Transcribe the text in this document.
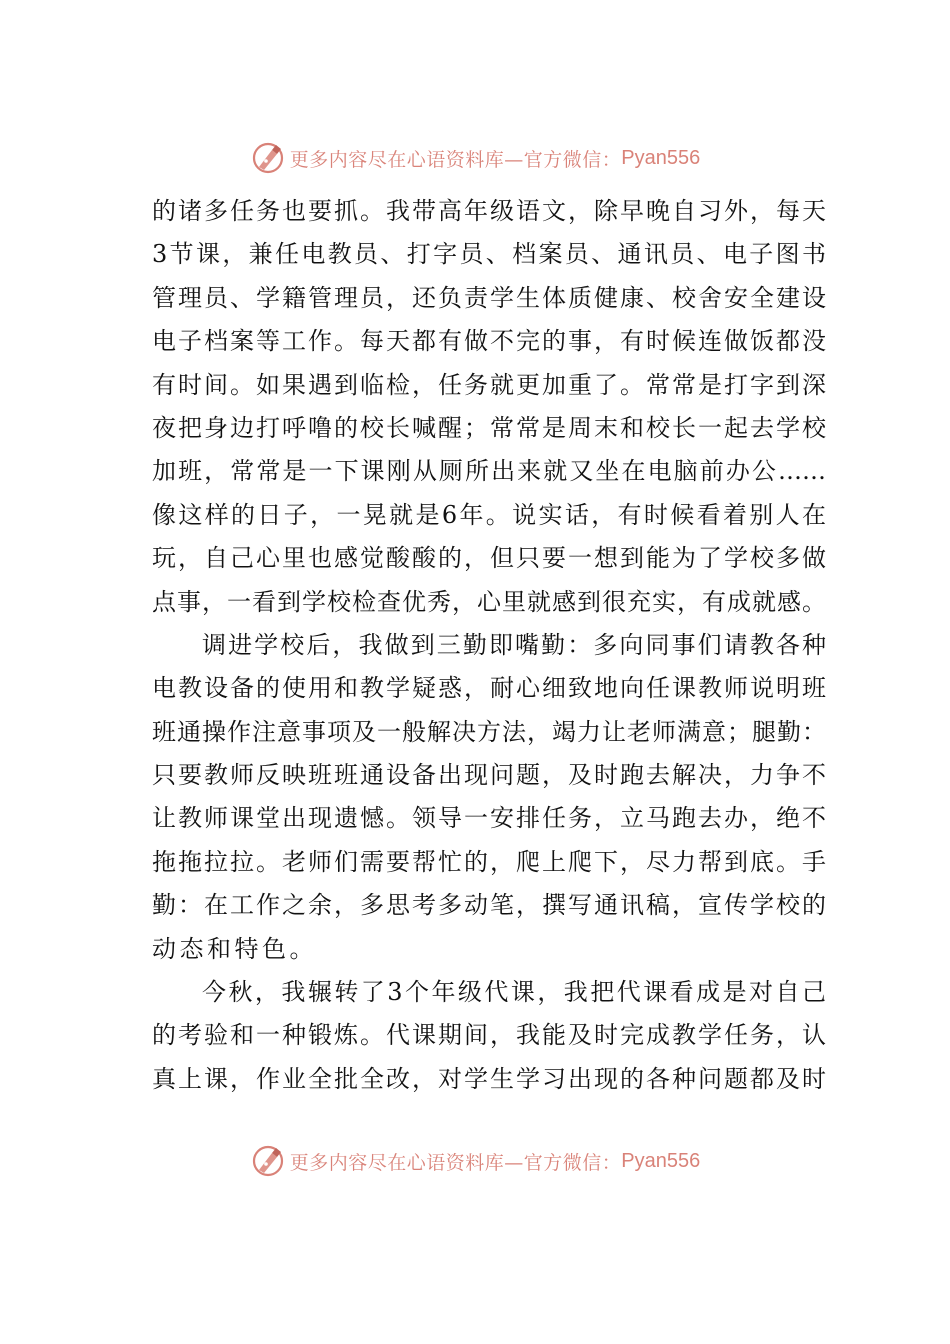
更多内容尽在心语资料库—官方微信： Pyan556
的诸多任务也要抓。我带高年级语文，除早晚自习外，每天
3节课，兼任电教员、打字员、档案员、通讯员、电子图书
管理员、学籍管理员，还负责学生体质健康、校舍安全建设
电子档案等工作。每天都有做不完的事，有时候连做饭都没
有时间。如果遇到临检，任务就更加重了。常常是打字到深
夜把身边打呼噜的校长喊醒；常常是周末和校长一起去学校
加班，常常是一下课刚从厕所出来就又坐在电脑前办公……
像这样的日子，一晃就是6年。说实话，有时候看着别人在
玩，自己心里也感觉酸酸的，但只要一想到能为了学校多做
点事，一看到学校检查优秀，心里就感到很充实，有成就感。
调进学校后，我做到三勤即嘴勤：多向同事们请教各种
电教设备的使用和教学疑惑，耐心细致地向任课教师说明班
班通操作注意事项及一般解决方法，竭力让老师满意；腿勤：
只要教师反映班班通设备出现问题，及时跑去解决，力争不
让教师课堂出现遗憾。领导一安排任务，立马跑去办，绝不
拖拖拉拉。老师们需要帮忙的，爬上爬下，尽力帮到底。手
勤：在工作之余，多思考多动笔，撰写通讯稿，宣传学校的
动态和特色。
今秋，我辗转了3个年级代课，我把代课看成是对自己
的考验和一种锻炼。代课期间，我能及时完成教学任务，认
真上课，作业全批全改，对学生学习出现的各种问题都及时
更多内容尽在心语资料库—官方微信： Pyan556
